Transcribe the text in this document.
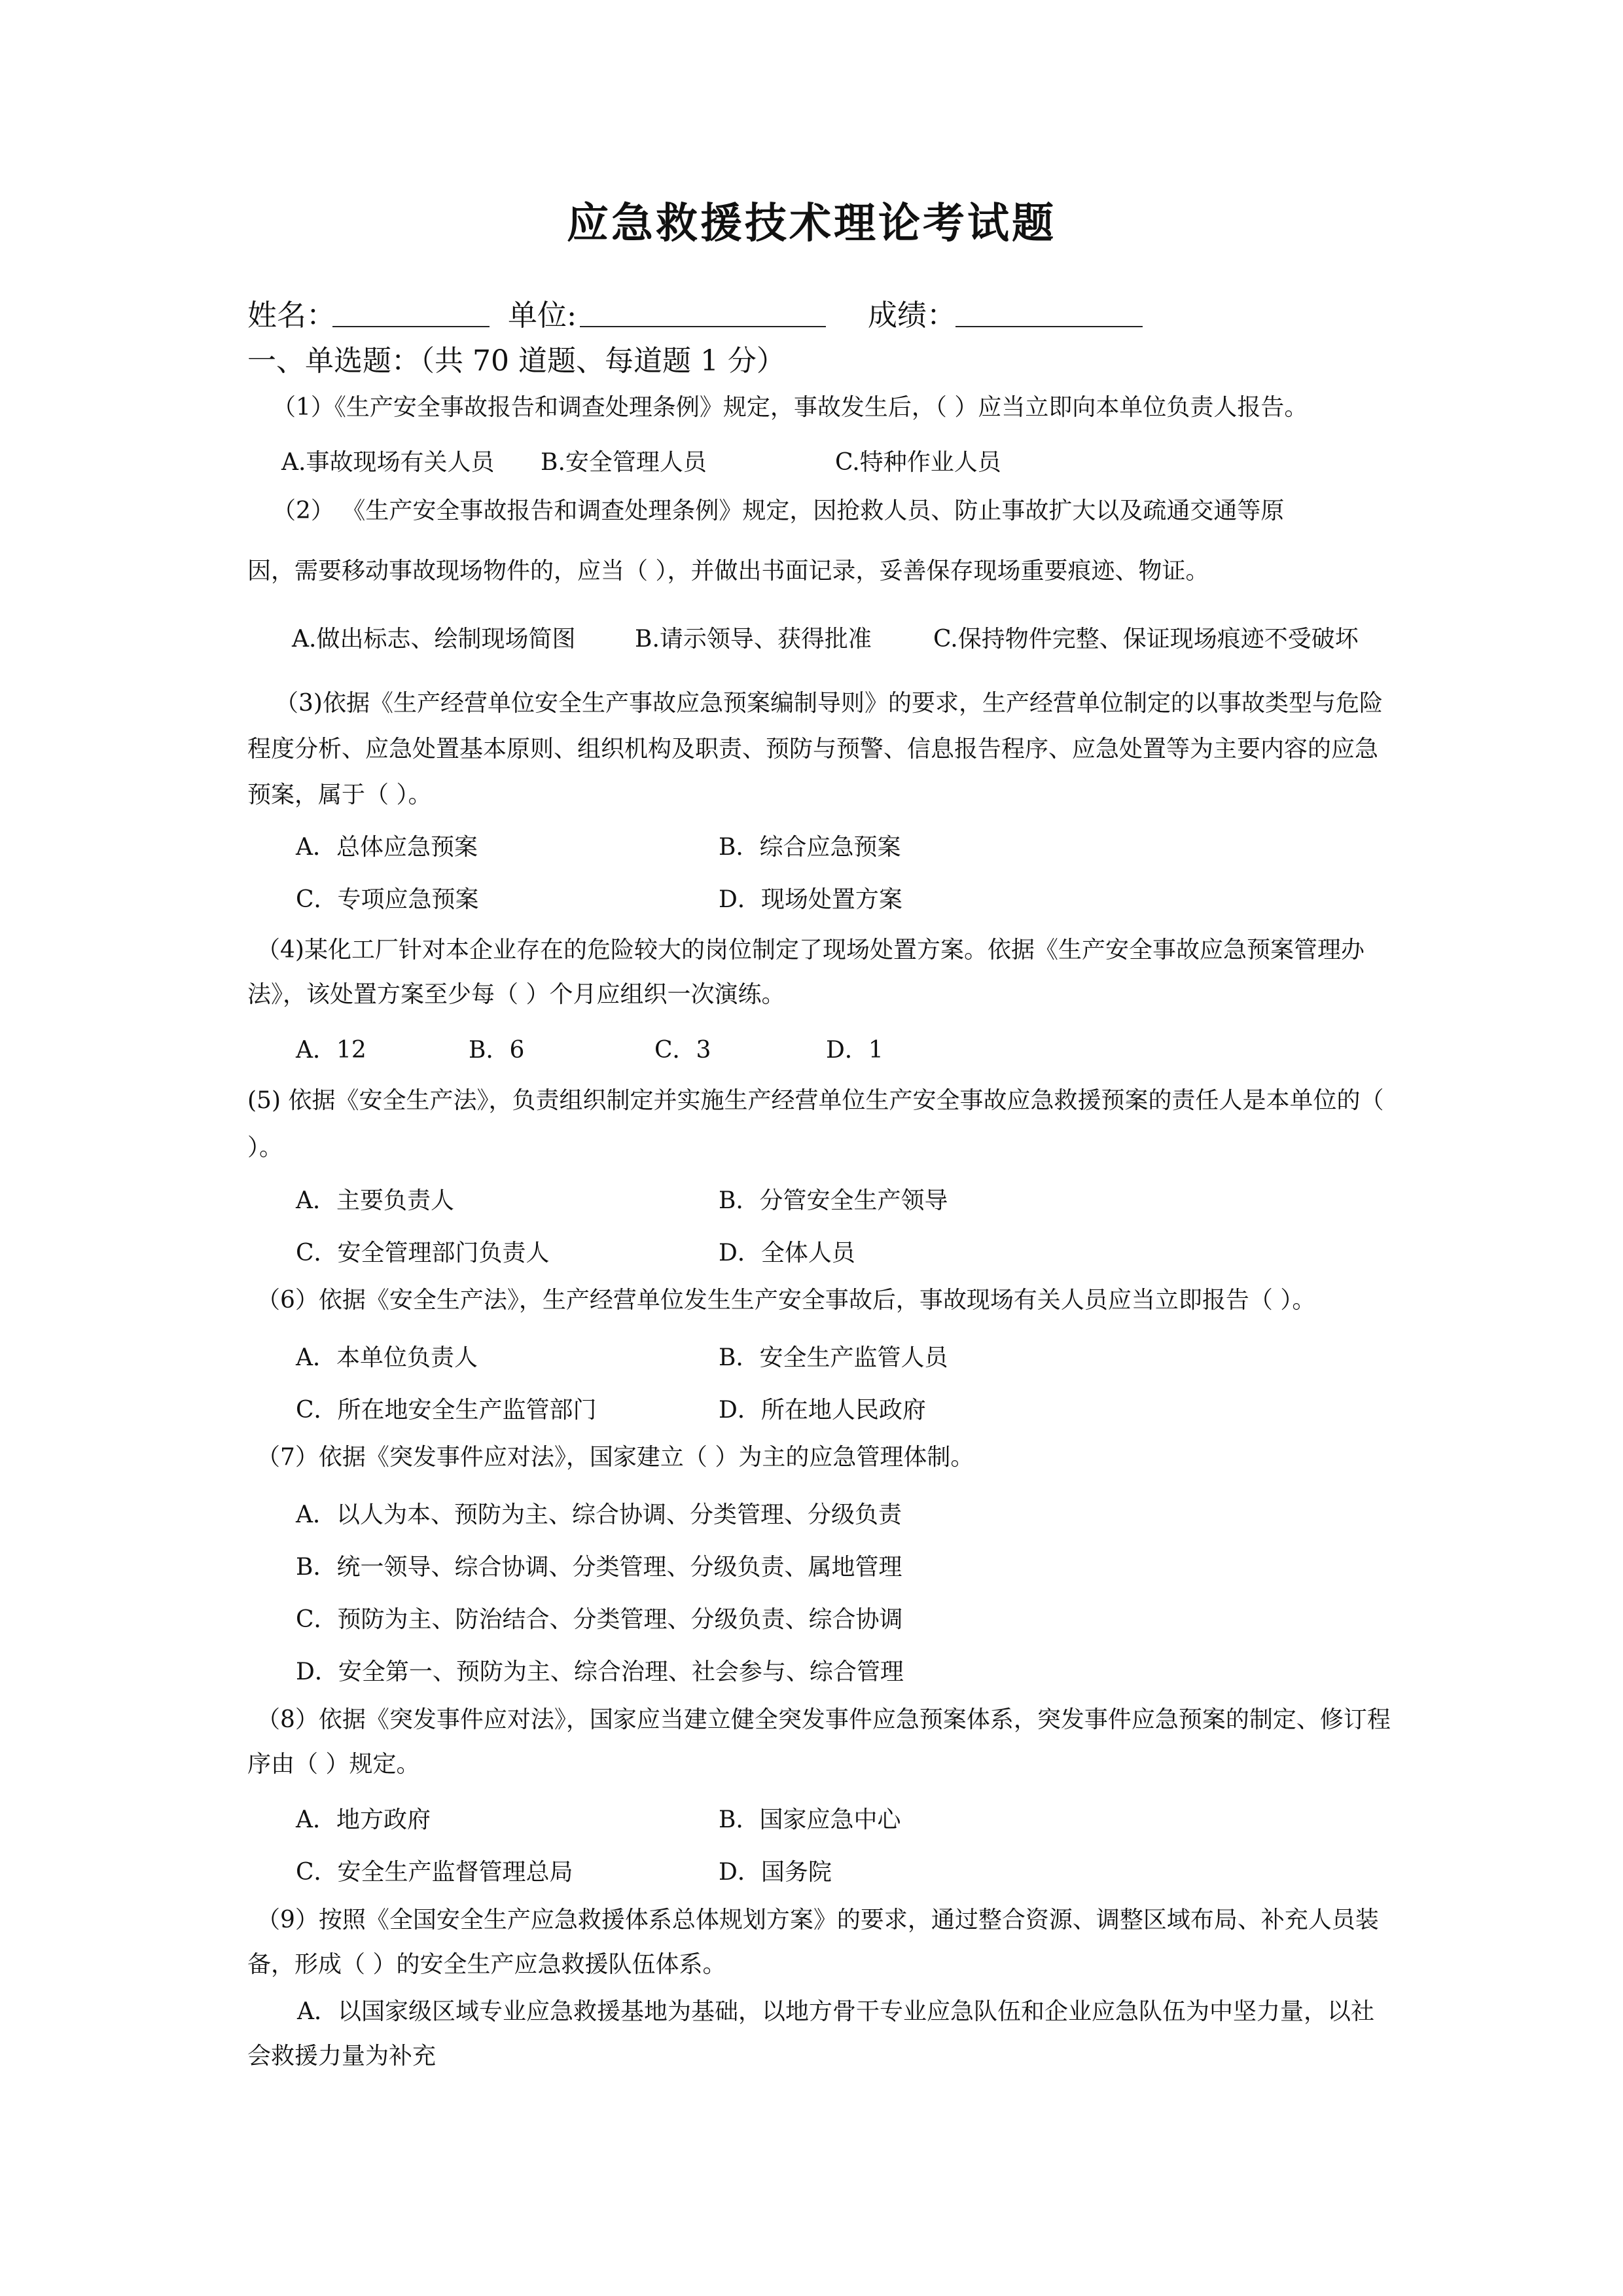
应急救援技术理论考试题
姓名：	单位:	成绩：
一、单选题：（共 70 道题、每道题 1 分）
（1）《生产安全事故报告和调查处理条例》规定，事故发生后，（ ）应当立即向本单位负责人报告。
A.事故现场有关人员 B.安全管理人员	C.特种作业人员
（2） 《生产安全事故报告和调查处理条例》规定，因抢救人员、防止事故扩大以及疏通交通等原
因，需要移动事故现场物件的，应当（ ），并做出书面记录，妥善保存现场重要痕迹、物证。
A.做出标志、绘制现场简图	B.请示领导、获得批准	C.保持物件完整、保证现场痕迹不受破坏
（3)依据《生产经营单位安全生产事故应急预案编制导则》的要求，生产经营单位制定的以事故类型与危险程度分析、应急处置基本原则、组织机构及职责、预防与预警、信息报告程序、应急处置等为主要内容的应急预案，属于（ ）。
A．总体应急预案	B．综合应急预案
C．专项应急预案	D．现场处置方案
（4)某化工厂针对本企业存在的危险较大的岗位制定了现场处置方案。依据《生产安全事故应急预案管理办法》，该处置方案至少每（ ）个月应组织一次演练。
A．12	B．6	C．3	D．1
(5) 依据《安全生产法》，负责组织制定并实施生产经营单位生产安全事故应急救援预案的责任人是本单位的（ ）。
A．主要负责人	B．分管安全生产领导
C．安全管理部门负责人	D．全体人员
（6）依据《安全生产法》，生产经营单位发生生产安全事故后，事故现场有关人员应当立即报告（ ）。
A．本单位负责人	B．安全生产监管人员
C．所在地安全生产监管部门	D．所在地人民政府
（7）依据《突发事件应对法》，国家建立（ ）为主的应急管理体制。
A．以人为本、预防为主、综合协调、分类管理、分级负责
B．统一领导、综合协调、分类管理、分级负责、属地管理
C．预防为主、防治结合、分类管理、分级负责、综合协调
D．安全第一、预防为主、综合治理、社会参与、综合管理
（8）依据《突发事件应对法》，国家应当建立健全突发事件应急预案体系，突发事件应急预案的制定、修订程序由（ ）规定。
A．地方政府	B．国家应急中心
C．安全生产监督管理总局	D．国务院
（9）按照《全国安全生产应急救援体系总体规划方案》的要求，通过整合资源、调整区域布局、补充人员装备，形成（ ）的安全生产应急救援队伍体系。
A．以国家级区域专业应急救援基地为基础，以地方骨干专业应急队伍和企业应急队伍为中坚力量，以社会救援力量为补充
